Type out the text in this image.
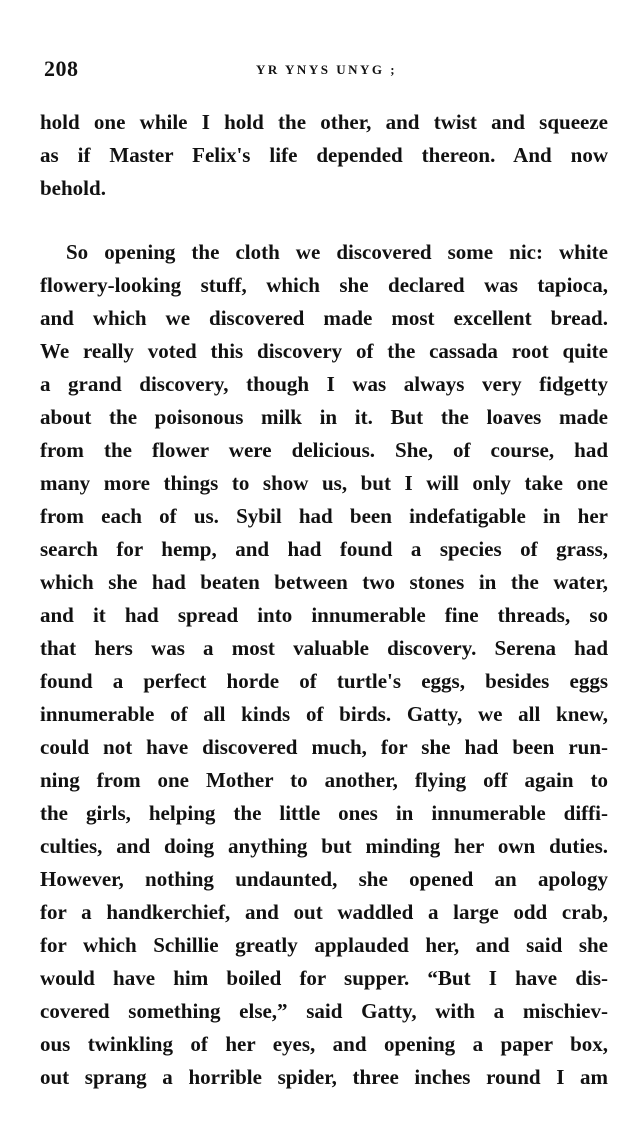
208	YR YNYS UNYG ;
hold one while I hold the other, and twist and squeeze
as if Master Felix's life depended thereon. And now
behold.
So opening the cloth we discovered some nic: white
flowery-looking stuff, which she declared was tapioca,
and which we discovered made most excellent bread.
We really voted this discovery of the cassada root quite
a grand discovery, though I was always very fidgetty
about the poisonous milk in it. But the loaves made
from the flower were delicious. She, of course, had
many more things to show us, but I will only take one
from each of us. Sybil had been indefatigable in her
search for hemp, and had found a species of grass,
which she had beaten between two stones in the water,
and it had spread into innumerable fine threads, so
that hers was a most valuable discovery. Serena had
found a perfect horde of turtle's eggs, besides eggs
innumerable of all kinds of birds. Gatty, we all knew,
could not have discovered much, for she had been run-
ning from one Mother to another, flying off again to
the girls, helping the little ones in innumerable diffi-
culties, and doing anything but minding her own duties.
However, nothing undaunted, she opened an apology
for a handkerchief, and out waddled a large odd crab,
for which Schillie greatly applauded her, and said she
would have him boiled for supper. “But I have dis-
covered something else,” said Gatty, with a mischiev-
ous twinkling of her eyes, and opening a paper box,
out sprang a horrible spider, three inches round I am
